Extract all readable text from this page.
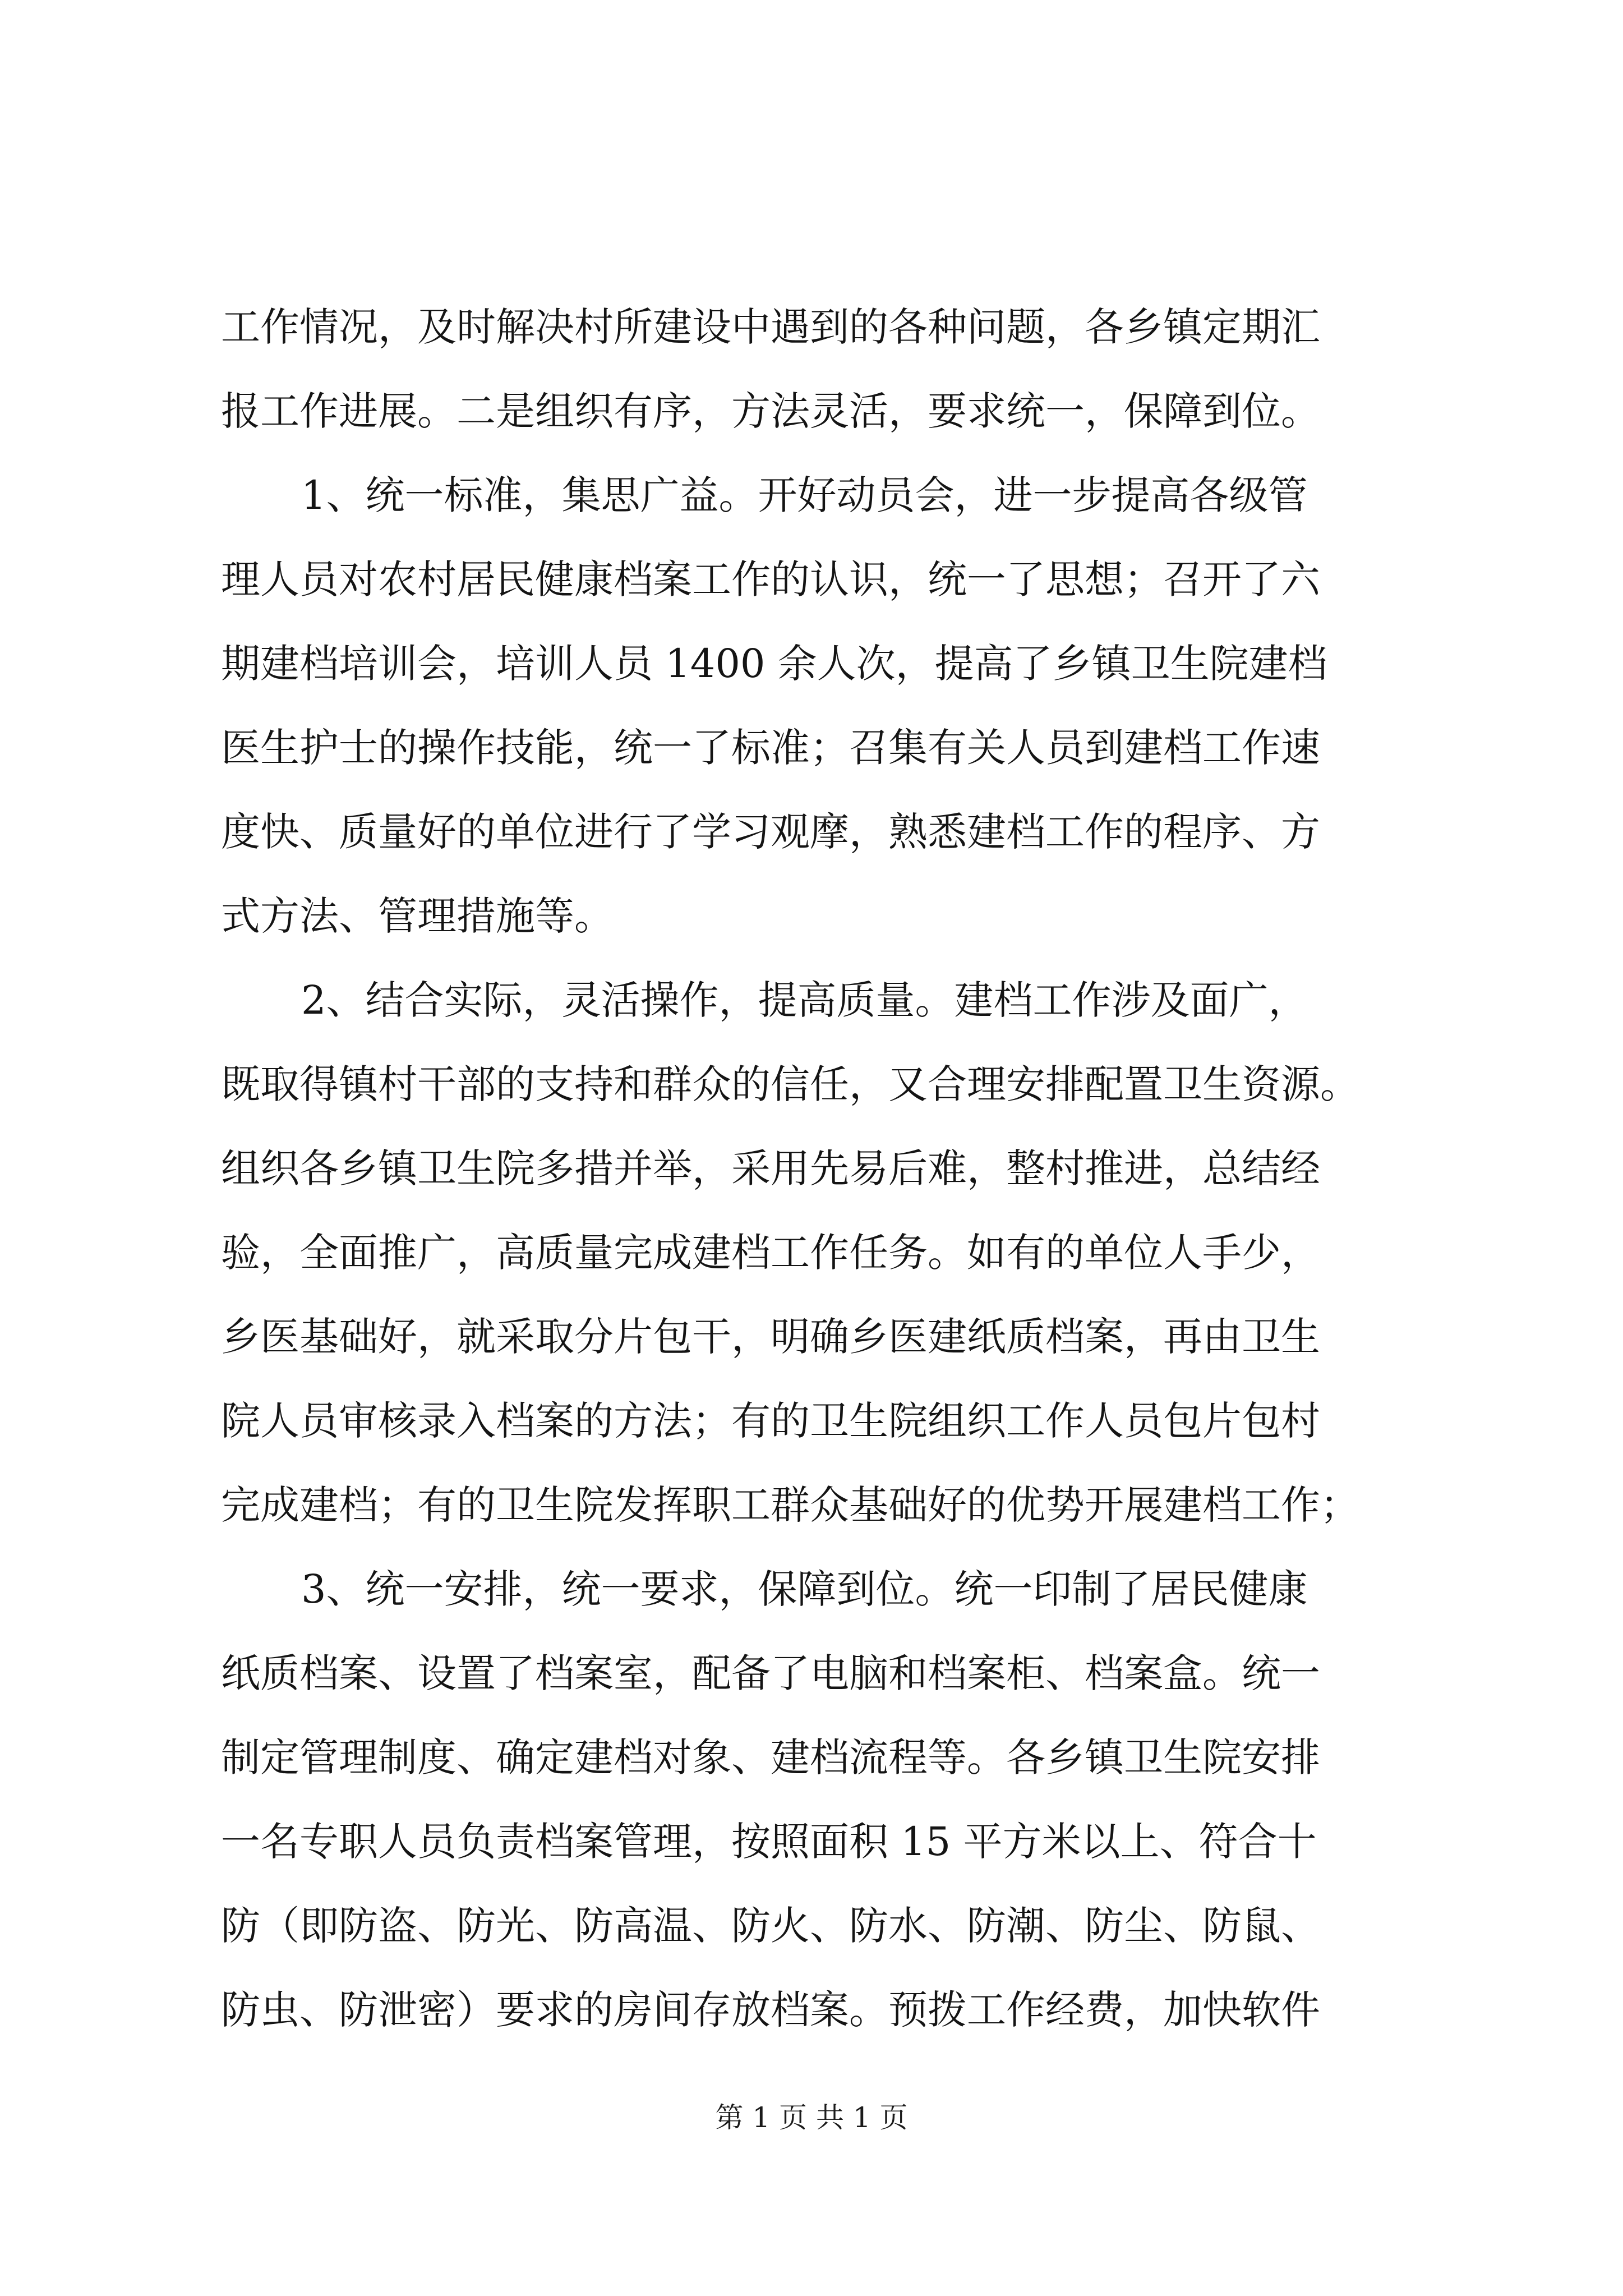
工作情况，及时解决村所建设中遇到的各种问题，各乡镇定期汇
报工作进展。二是组织有序，方法灵活，要求统一，保障到位。
1、统一标准，集思广益。开好动员会，进一步提高各级管
理人员对农村居民健康档案工作的认识，统一了思想；召开了六
期建档培训会，培训人员 1400 余人次，提高了乡镇卫生院建档
医生护士的操作技能，统一了标准；召集有关人员到建档工作速
度快、质量好的单位进行了学习观摩，熟悉建档工作的程序、方
式方法、管理措施等。
2、结合实际，灵活操作，提高质量。建档工作涉及面广，
既取得镇村干部的支持和群众的信任，又合理安排配置卫生资源。
组织各乡镇卫生院多措并举，采用先易后难，整村推进，总结经
验，全面推广，高质量完成建档工作任务。如有的单位人手少，
乡医基础好，就采取分片包干，明确乡医建纸质档案，再由卫生
院人员审核录入档案的方法；有的卫生院组织工作人员包片包村
完成建档；有的卫生院发挥职工群众基础好的优势开展建档工作；
3、统一安排，统一要求，保障到位。统一印制了居民健康
纸质档案、设置了档案室，配备了电脑和档案柜、档案盒。统一
制定管理制度、确定建档对象、建档流程等。各乡镇卫生院安排
一名专职人员负责档案管理，按照面积 15 平方米以上、符合十
防（即防盗、防光、防高温、防火、防水、防潮、防尘、防鼠、
防虫、防泄密）要求的房间存放档案。预拨工作经费，加快软件
第 1 页 共 1 页
